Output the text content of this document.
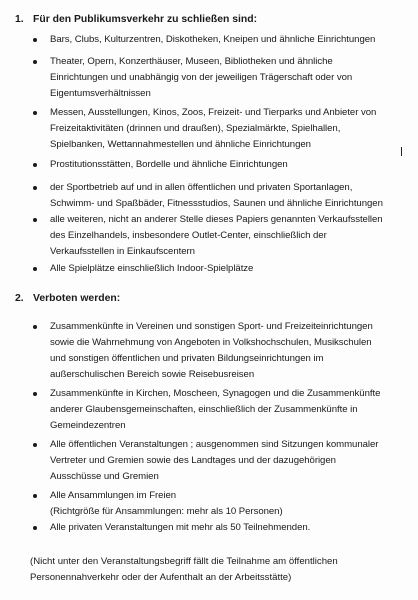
1. Für den Publikumsverkehr zu schließen sind:
Bars, Clubs, Kulturzentren, Diskotheken, Kneipen und ähnliche Einrichtungen
Theater, Opern, Konzerthäuser, Museen, Bibliotheken und ähnliche
Einrichtungen und unabhängig von der jeweiligen Trägerschaft oder von
Eigentumsverhältnissen
Messen, Ausstellungen, Kinos, Zoos, Freizeit- und Tierparks und Anbieter von
Freizeitaktivitäten (drinnen und draußen), Spezialmärkte, Spielhallen,
Spielbanken, Wettannahmestellen und ähnliche Einrichtungen
Prostitutionsstätten, Bordelle und ähnliche Einrichtungen
der Sportbetrieb auf und in allen öffentlichen und privaten Sportanlagen,
Schwimm- und Spaßbäder, Fitnessstudios, Saunen und ähnliche Einrichtungen
alle weiteren, nicht an anderer Stelle dieses Papiers genannten Verkaufsstellen
des Einzelhandels, insbesondere Outlet-Center, einschließlich der
Verkaufsstellen in Einkaufscentern
Alle Spielplätze einschließlich Indoor-Spielplätze
2. Verboten werden:
Zusammenkünfte in Vereinen und sonstigen Sport- und Freizeiteinrichtungen
sowie die Wahrnehmung von Angeboten in Volkshochschulen, Musikschulen
und sonstigen öffentlichen und privaten Bildungseinrichtungen im
außerschulischen Bereich sowie Reisebusreisen
Zusammenkünfte in Kirchen, Moscheen, Synagogen und die Zusammenkünfte
anderer Glaubensgemeinschaften, einschließlich der Zusammenkünfte in
Gemeindezentren
Alle öffentlichen Veranstaltungen ; ausgenommen sind Sitzungen kommunaler
Vertreter und Gremien sowie des Landtages und der dazugehörigen
Ausschüsse und Gremien
Alle Ansammlungen im Freien
(Richtgröße für Ansammlungen: mehr als 10 Personen)
Alle privaten Veranstaltungen mit mehr als 50 Teilnehmenden.
(Nicht unter den Veranstaltungsbegriff fällt die Teilnahme am öffentlichen
Personennahverkehr oder der Aufenthalt an der Arbeitsstätte)
